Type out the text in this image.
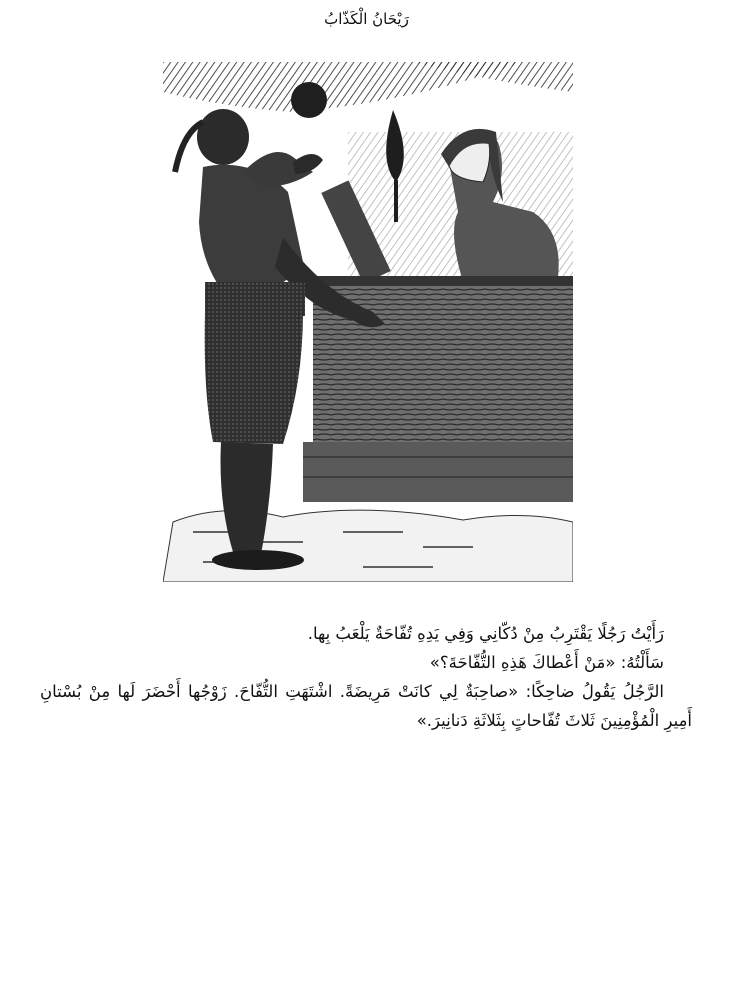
رَيْحَانُ الْكَذّابُ

رَأَيْتُ رَجُلًا يَقْتَرِبُ مِنْ دُكّانِي وَفِي يَدِهِ تُفّاحَةٌ يَلْعَبُ بِها.

سَأَلْتُهُ: «مَنْ أَعْطاكَ هَذِهِ التُّفّاحَةَ؟»

الرَّجُلُ يَقُولُ ضاحِكًا: «صاحِبَةٌ لِي كانَتْ مَرِيضَةً. اشْتَهَتِ التُّفّاحَ. زَوْجُها أَحْضَرَ لَها مِنْ بُسْتانِ أَمِيرِ الْمُؤْمِنِينَ ثَلاثَ تُفّاحاتٍ بِثَلاثَةِ دَنانِيرَ.»
